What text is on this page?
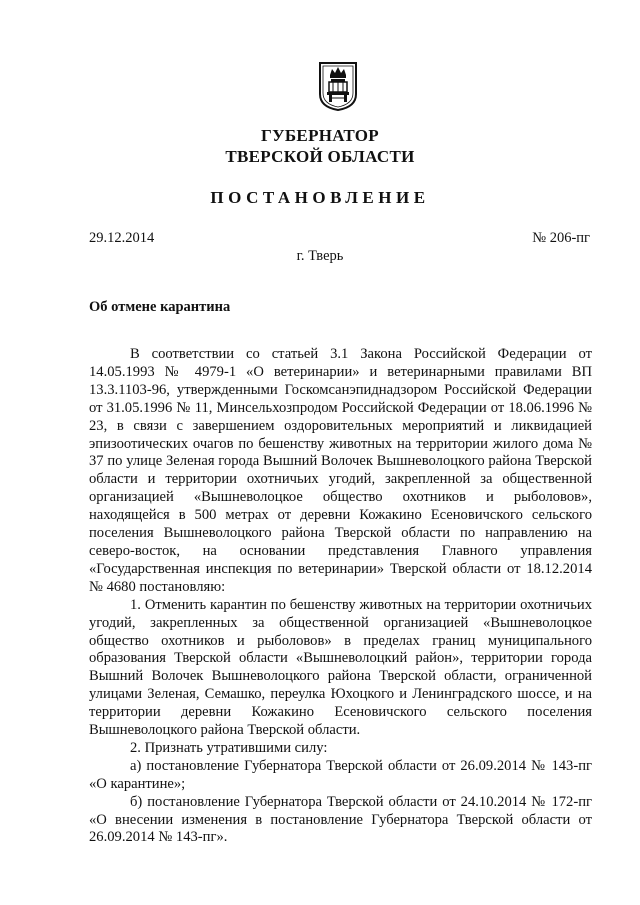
ГУБЕРНАТОР
ТВЕРСКОЙ ОБЛАСТИ
ПОСТАНОВЛЕНИЕ
29.12.2014	№ 206-пг
г. Тверь
Об отмене карантина

В соответствии со статьей 3.1 Закона Российской Федерации от 14.05.1993 № 4979-1 «О ветеринарии» и ветеринарными правилами ВП 13.3.1103-96, утвержденными Госкомсанэпиднадзором Российской Федерации от 31.05.1996 № 11, Минсельхозпродом Российской Федерации от 18.06.1996 № 23, в связи с завершением оздоровительных мероприятий и ликвидацией эпизоотических очагов по бешенству животных на территории жилого дома № 37 по улице Зеленая города Вышний Волочек Вышневолоцкого района Тверской области и территории охотничьих угодий, закрепленной за общественной организацией «Вышневолоцкое общество охотников и рыболовов», находящейся в 500 метрах от деревни Кожакино Есеновичского сельского поселения Вышневолоцкого района Тверской области по направлению на северо-восток, на основании представления Главного управления «Государственная инспекция по ветеринарии» Тверской области от 18.12.2014 № 4680 постановляю:

1. Отменить карантин по бешенству животных на территории охотничьих угодий, закрепленных за общественной организацией «Вышневолоцкое общество охотников и рыболовов» в пределах границ муниципального образования Тверской области «Вышневолоцкий район», территории города Вышний Волочек Вышневолоцкого района Тверской области, ограниченной улицами Зеленая, Семашко, переулка Юхоцкого и Ленинградского шоссе, и на территории деревни Кожакино Есеновичского сельского поселения Вышневолоцкого района Тверской области.

2. Признать утратившими силу:

а) постановление Губернатора Тверской области от 26.09.2014 № 143-пг «О карантине»;

б) постановление Губернатора Тверской области от 24.10.2014 № 172-пг «О внесении изменения в постановление Губернатора Тверской области от 26.09.2014 № 143-пг».
